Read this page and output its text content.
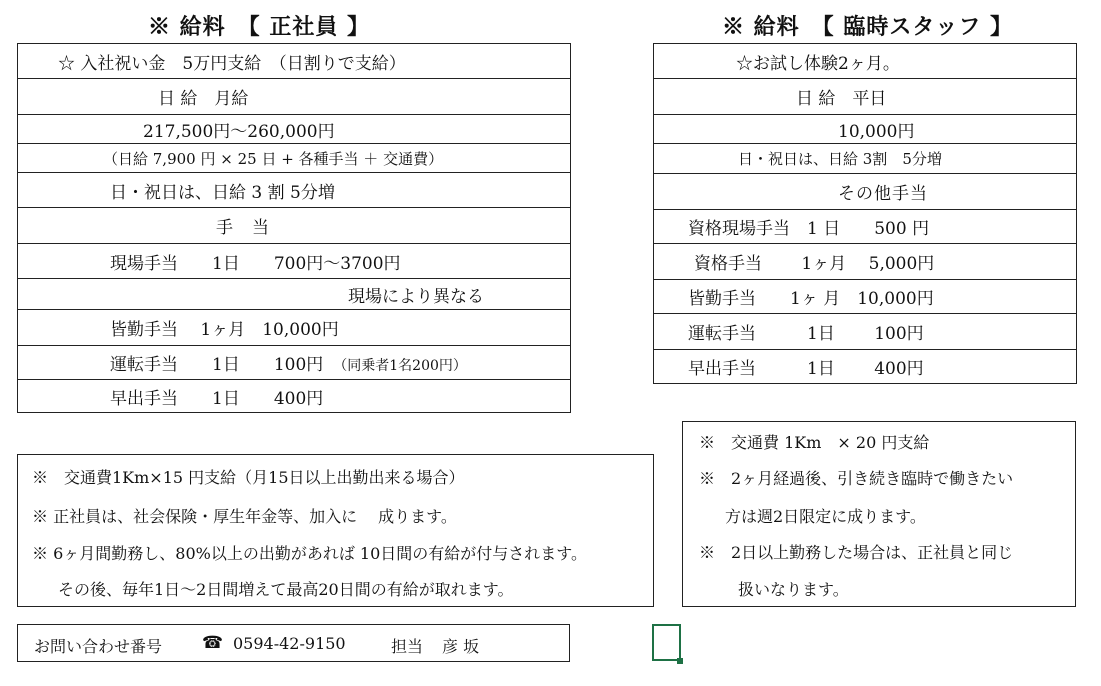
※ 給料　【 正社員 】	※ 給料　【 臨時スタッフ 】
☆ 入社祝い金　5万円支給　（日割りで支給）
日 給　月給
217,500円～260,000円
（日給 7,900 円 × 25 日 + 各種手当 ＋ 交通費）
日・祝日は、日給 3 割 5分増
手　当
現場手当　　1日　　700円～3700円
現場により異なる
皆勤手当　 1ヶ月　10,000円
運転手当　　1日　　100円 （同乗者1名200円）
早出手当　　1日　　400円
☆お試し体験2ヶ月。
日 給　平日
10,000円
日・祝日は、日給 3割　5分増
その他手当
資格現場手当　1 日　　500 円
資格手当　　 1ヶ月　 5,000円
皆勤手当　　1ヶ 月　10,000円
運転手当　　　1日　　 100円
早出手当　　　1日　　 400円
※　交通費1Km×15 円支給（月15日以上出勤出来る場合）
※ 正社員は、社会保険・厚生年金等、加入に　 成ります。
※ 6ヶ月間勤務し、80%以上の出勤があれば 10日間の有給が付与されます。
その後、毎年1日～2日間増えて最高20日間の有給が取れます。
※　交通費 1Km　× 20 円支給
※　2ヶ月経過後、引き続き臨時で働きたい
方は週2日限定に成ります。
※　2日以上勤務した場合は、正社員と同じ
扱いなります。
お問い合わせ番号 ☎ 0594-42-9150	担当 彦 坂
